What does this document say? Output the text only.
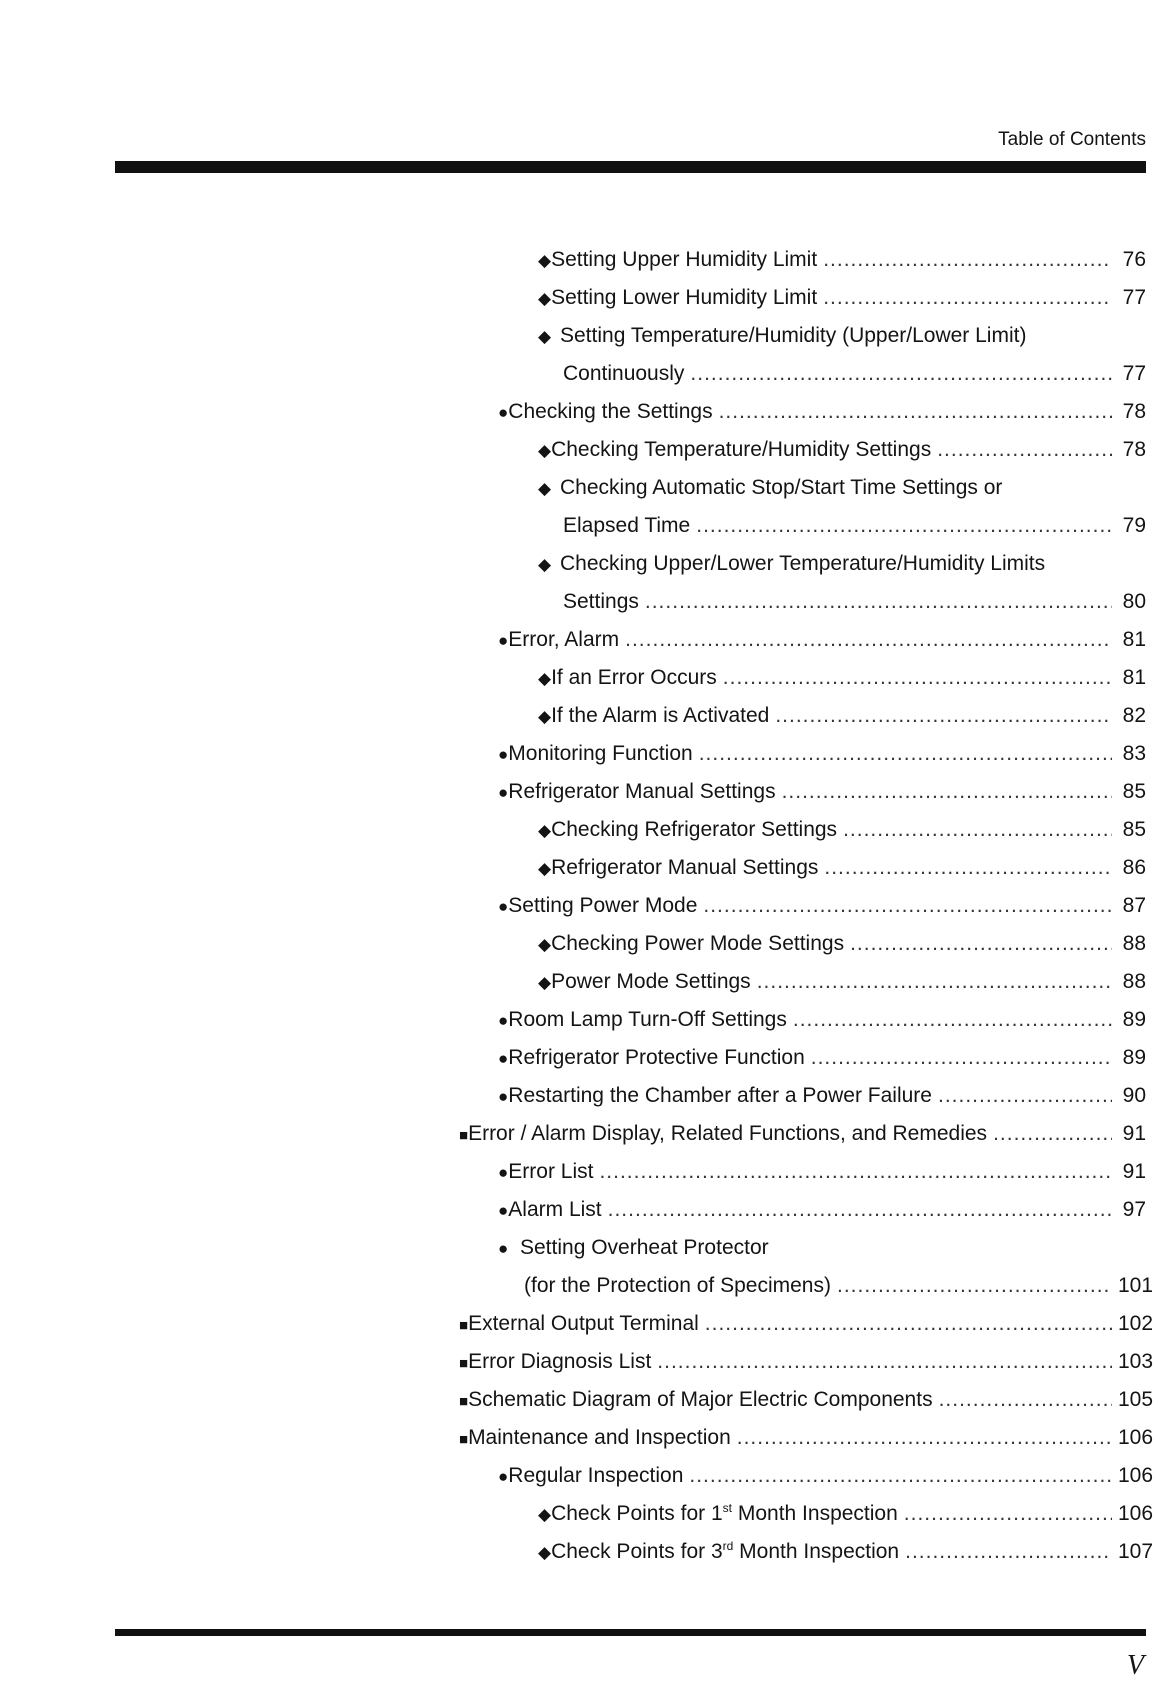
Table of Contents
◆ Setting Upper Humidity Limit .....	76
◆ Setting Lower Humidity Limit .....	77
◆ Setting Temperature/Humidity (Upper/Lower Limit)
Continuously .....	77
● Checking the Settings .....	78
◆ Checking Temperature/Humidity Settings .....	78
◆ Checking Automatic Stop/Start Time Settings or
Elapsed Time .....	79
◆ Checking Upper/Lower Temperature/Humidity Limits
Settings .....	80
● Error, Alarm .....	81
◆ If an Error Occurs .....	81
◆ If the Alarm is Activated .....	82
● Monitoring Function .....	83
● Refrigerator Manual Settings .....	85
◆ Checking Refrigerator Settings .....	85
◆ Refrigerator Manual Settings .....	86
● Setting Power Mode .....	87
◆ Checking Power Mode Settings .....	88
◆ Power Mode Settings .....	88
● Room Lamp Turn-Off Settings .....	89
● Refrigerator Protective Function .....	89
● Restarting the Chamber after a Power Failure .....	90
■ Error / Alarm Display, Related Functions, and Remedies .....	91
● Error List .....	91
● Alarm List .....	97
● Setting Overheat Protector
(for the Protection of Specimens) .....	101
■ External Output Terminal .....	102
■ Error Diagnosis List .....	103
■ Schematic Diagram of Major Electric Components .....	105
■ Maintenance and Inspection .....	106
● Regular Inspection .....	106
◆ Check Points for 1st Month Inspection .....	106
◆ Check Points for 3rd Month Inspection .....	107
V
